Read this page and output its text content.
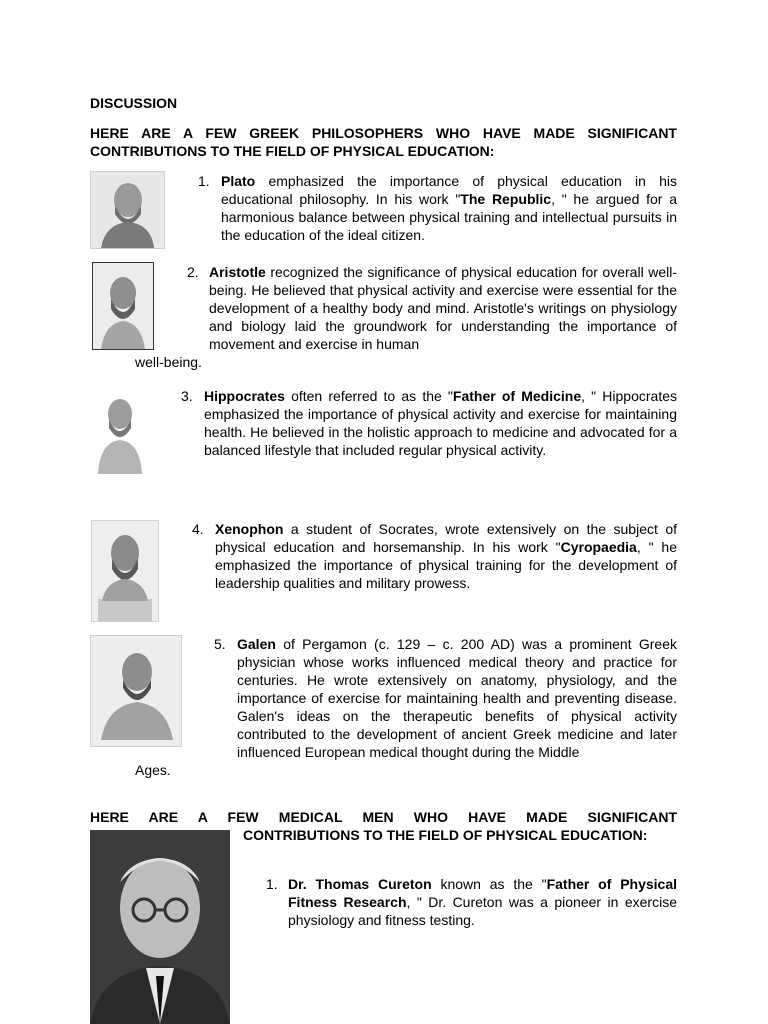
DISCUSSION
HERE ARE A FEW GREEK PHILOSOPHERS WHO HAVE MADE SIGNIFICANT CONTRIBUTIONS TO THE FIELD OF PHYSICAL EDUCATION:
1. Plato emphasized the importance of physical education in his educational philosophy. In his work "The Republic, " he argued for a harmonious balance between physical training and intellectual pursuits in the education of the ideal citizen.
2. Aristotle recognized the significance of physical education for overall well-being. He believed that physical activity and exercise were essential for the development of a healthy body and mind. Aristotle's writings on physiology and biology laid the groundwork for understanding the importance of movement and exercise in human
well-being.
3. Hippocrates often referred to as the "Father of Medicine, " Hippocrates emphasized the importance of physical activity and exercise for maintaining health. He believed in the holistic approach to medicine and advocated for a balanced lifestyle that included regular physical activity.
4. Xenophon a student of Socrates, wrote extensively on the subject of physical education and horsemanship. In his work "Cyropaedia, " he emphasized the importance of physical training for the development of leadership qualities and military prowess.
5. Galen of Pergamon (c. 129 – c. 200 AD) was a prominent Greek physician whose works influenced medical theory and practice for centuries. He wrote extensively on anatomy, physiology, and the importance of exercise for maintaining health and preventing disease. Galen's ideas on the therapeutic benefits of physical activity contributed to the development of ancient Greek medicine and later influenced European medical thought during the Middle
Ages.
HERE ARE A FEW MEDICAL MEN WHO HAVE MADE SIGNIFICANT
CONTRIBUTIONS TO THE FIELD OF PHYSICAL EDUCATION:
1. Dr. Thomas Cureton known as the "Father of Physical Fitness Research, " Dr. Cureton was a pioneer in exercise physiology and fitness testing.
